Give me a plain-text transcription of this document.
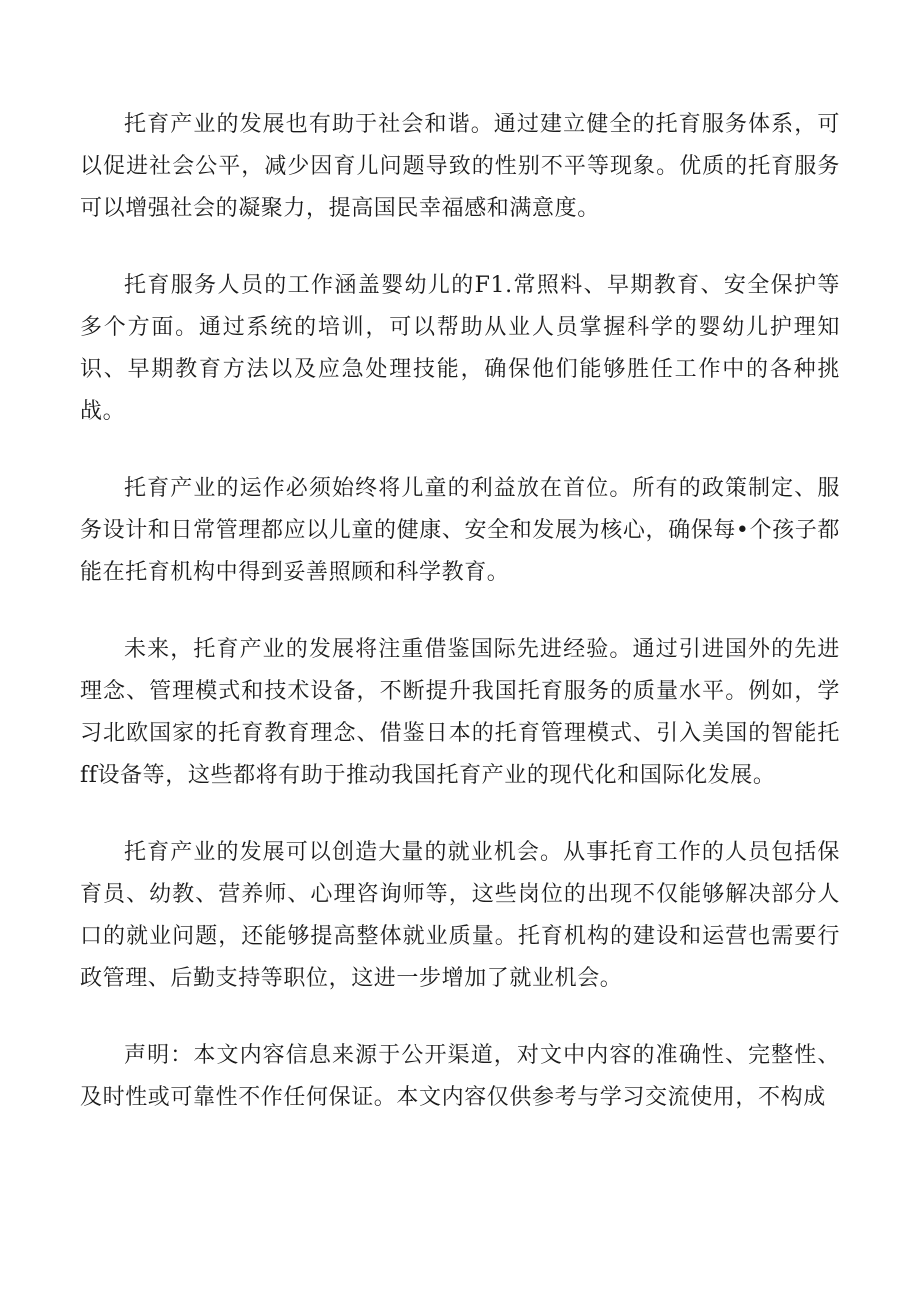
托育产业的发展也有助于社会和谐。通过建立健全的托育服务体系，可以促进社会公平，减少因育儿问题导致的性别不平等现象。优质的托育服务可以增强社会的凝聚力，提高国民幸福感和满意度。

托育服务人员的工作涵盖婴幼儿的F1.常照料、早期教育、安全保护等多个方面。通过系统的培训，可以帮助从业人员掌握科学的婴幼儿护理知识、早期教育方法以及应急处理技能，确保他们能够胜任工作中的各种挑战。

托育产业的运作必须始终将儿童的利益放在首位。所有的政策制定、服务设计和日常管理都应以儿童的健康、安全和发展为核心，确保每•个孩子都能在托育机构中得到妥善照顾和科学教育。

未来，托育产业的发展将注重借鉴国际先进经验。通过引进国外的先进理念、管理模式和技术设备，不断提升我国托育服务的质量水平。例如，学习北欧国家的托育教育理念、借鉴日本的托育管理模式、引入美国的智能托ff设备等，这些都将有助于推动我国托育产业的现代化和国际化发展。

托育产业的发展可以创造大量的就业机会。从事托育工作的人员包括保育员、幼教、营养师、心理咨询师等，这些岗位的出现不仅能够解决部分人口的就业问题，还能够提高整体就业质量。托育机构的建设和运营也需要行政管理、后勤支持等职位，这进一步增加了就业机会。

声明：本文内容信息来源于公开渠道，对文中内容的准确性、完整性、及时性或可靠性不作任何保证。本文内容仅供参考与学习交流使用，不构成
